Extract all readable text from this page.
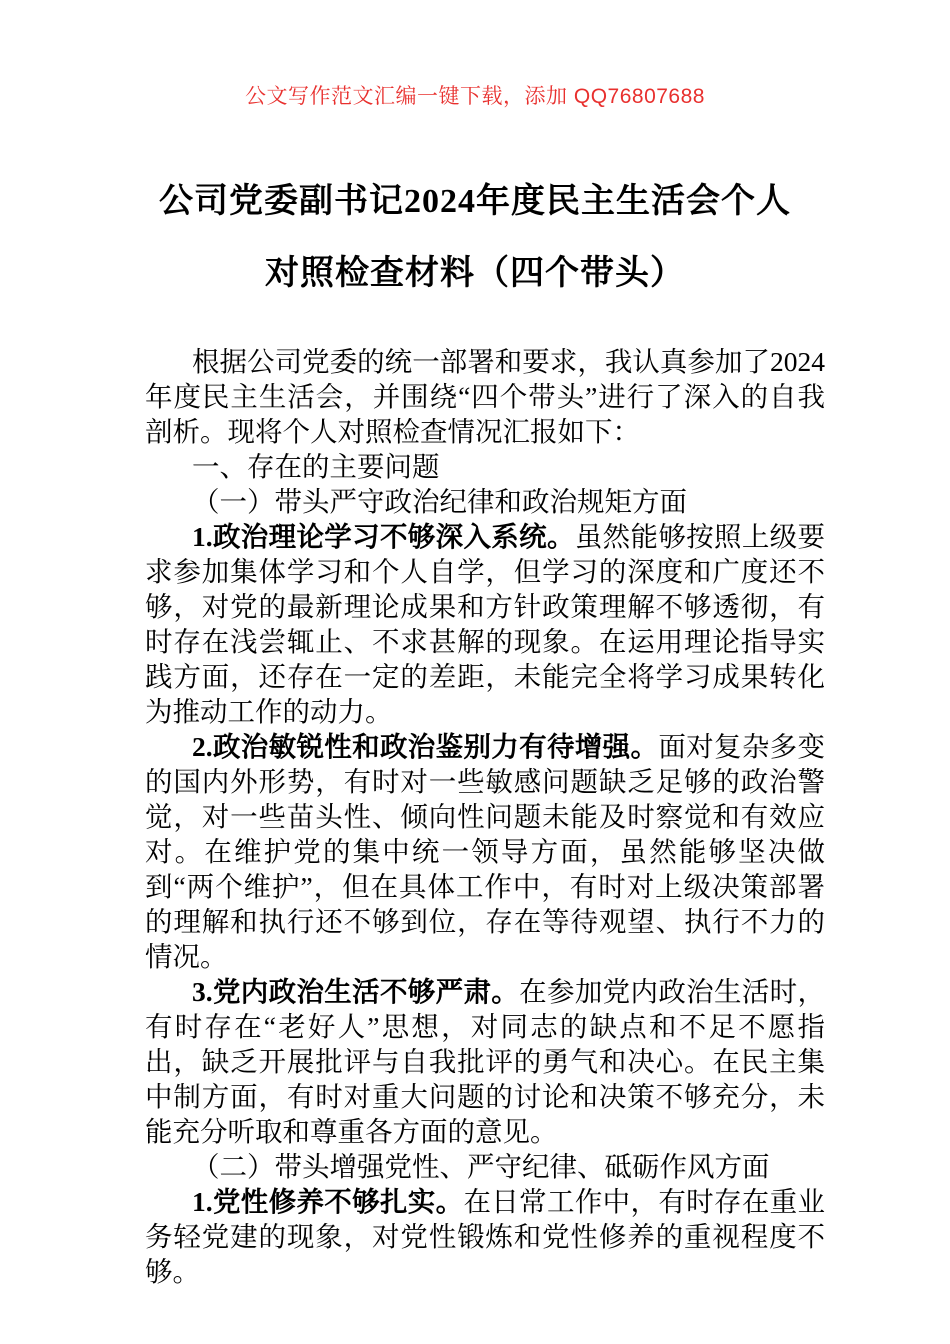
公文写作范文汇编一键下载，添加 QQ76807688
公司党委副书记2024年度民主生活会个人
对照检查材料（四个带头）

根据公司党委的统一部署和要求，我认真参加了2024年度民主生活会，并围绕“四个带头”进行了深入的自我剖析。现将个人对照检查情况汇报如下：

一、存在的主要问题

（一）带头严守政治纪律和政治规矩方面

1.政治理论学习不够深入系统。虽然能够按照上级要求参加集体学习和个人自学，但学习的深度和广度还不够，对党的最新理论成果和方针政策理解不够透彻，有时存在浅尝辄止、不求甚解的现象。在运用理论指导实践方面，还存在一定的差距，未能完全将学习成果转化为推动工作的动力。

2.政治敏锐性和政治鉴别力有待增强。面对复杂多变的国内外形势，有时对一些敏感问题缺乏足够的政治警觉，对一些苗头性、倾向性问题未能及时察觉和有效应对。在维护党的集中统一领导方面，虽然能够坚决做到“两个维护”，但在具体工作中，有时对上级决策部署的理解和执行还不够到位，存在等待观望、执行不力的情况。

3.党内政治生活不够严肃。在参加党内政治生活时，有时存在“老好人”思想，对同志的缺点和不足不愿指出，缺乏开展批评与自我批评的勇气和决心。在民主集中制方面，有时对重大问题的讨论和决策不够充分，未能充分听取和尊重各方面的意见。

（二）带头增强党性、严守纪律、砥砺作风方面

1.党性修养不够扎实。在日常工作中，有时存在重业务轻党建的现象，对党性锻炼和党性修养的重视程度不够。
